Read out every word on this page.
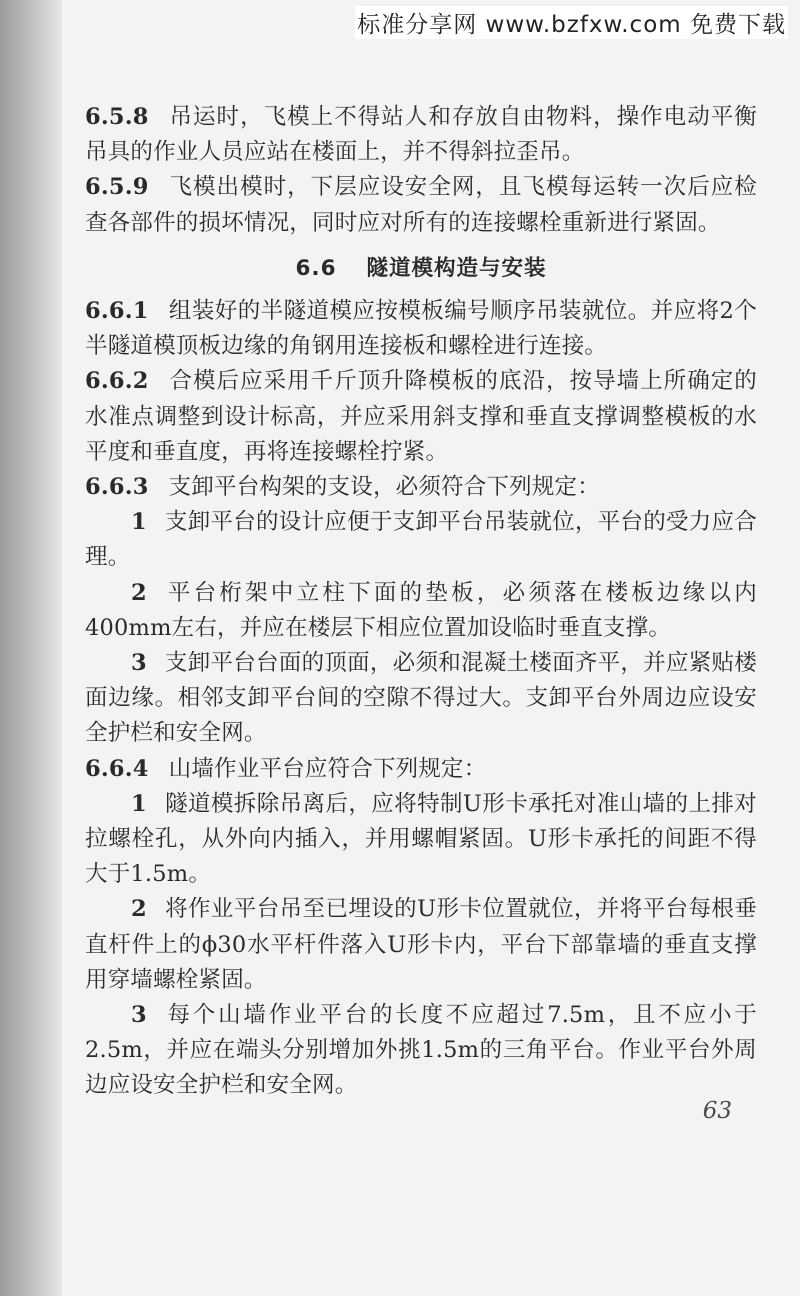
标准分享网 www.bzfxw.com 免费下载

6.5.8 吊运时，飞模上不得站人和存放自由物料，操作电动平衡吊具的作业人员应站在楼面上，并不得斜拉歪吊。

6.5.9 飞模出模时，下层应设安全网，且飞模每运转一次后应检查各部件的损坏情况，同时应对所有的连接螺栓重新进行紧固。

6.6 隧道模构造与安装

6.6.1 组装好的半隧道模应按模板编号顺序吊装就位。并应将2个半隧道模顶板边缘的角钢用连接板和螺栓进行连接。

6.6.2 合模后应采用千斤顶升降模板的底沿，按导墙上所确定的水准点调整到设计标高，并应采用斜支撑和垂直支撑调整模板的水平度和垂直度，再将连接螺栓拧紧。

6.6.3 支卸平台构架的支设，必须符合下列规定：

1 支卸平台的设计应便于支卸平台吊装就位，平台的受力应合理。

2 平台桁架中立柱下面的垫板，必须落在楼板边缘以内400mm左右，并应在楼层下相应位置加设临时垂直支撑。

3 支卸平台台面的顶面，必须和混凝土楼面齐平，并应紧贴楼面边缘。相邻支卸平台间的空隙不得过大。支卸平台外周边应设安全护栏和安全网。

6.6.4 山墙作业平台应符合下列规定：

1 隧道模拆除吊离后，应将特制U形卡承托对准山墙的上排对拉螺栓孔，从外向内插入，并用螺帽紧固。U形卡承托的间距不得大于1.5m。

2 将作业平台吊至已埋设的U形卡位置就位，并将平台每根垂直杆件上的ϕ30水平杆件落入U形卡内，平台下部靠墙的垂直支撑用穿墙螺栓紧固。

3 每个山墙作业平台的长度不应超过7.5m，且不应小于2.5m，并应在端头分别增加外挑1.5m的三角平台。作业平台外周边应设安全护栏和安全网。

63
